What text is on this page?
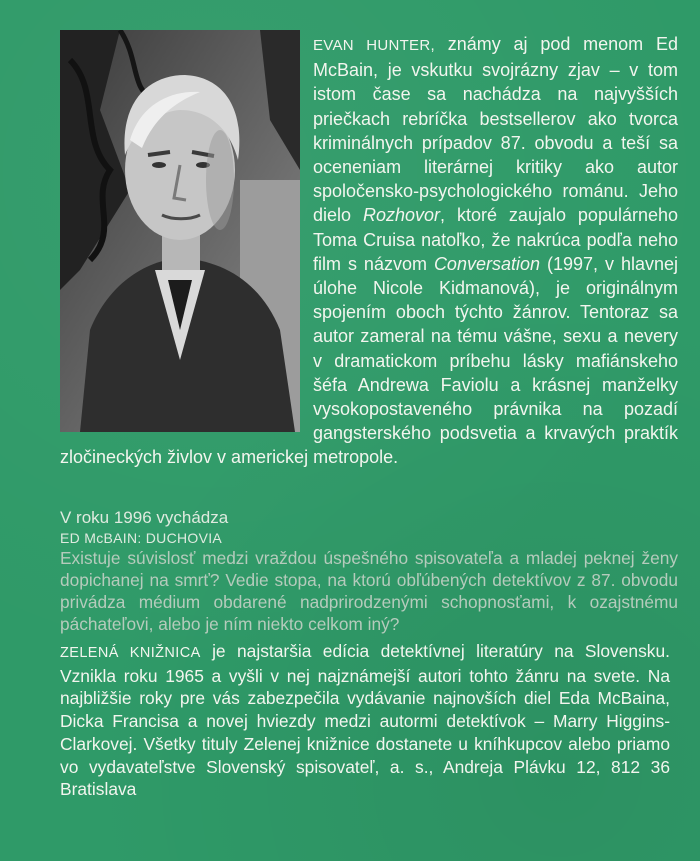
EVAN HUNTER, známy aj pod menom Ed McBain, je vskutku svojrázny zjav – v tom istom čase sa nachádza na najvyšších priečkach rebríčka bestsellerov ako tvorca kriminálnych prípadov 87. obvodu a teší sa oceneniam literárnej kritiky ako autor spoločensko-psychologického románu. Jeho dielo Rozhovor, ktoré zaujalo populárneho Toma Cruisa natoľko, že nakrúca podľa neho film s názvom Conversation (1997, v hlavnej úlohe Nicole Kidmanová), je originálnym spojením oboch týchto žánrov. Tentoraz sa autor zameral na tému vášne, sexu a nevery v dramatickom príbehu lásky mafiánskeho šéfa Andrewa Faviolu a krásnej manželky vysokopostaveného právnika na pozadí gangsterského podsvetia a krvavých praktík zločineckých živlov v americkej metropole.

V roku 1996 vychádza
ED McBAIN: DUCHOVIA
Existuje súvislosť medzi vraždou úspešného spisovateľa a mladej peknej ženy dopichanej na smrť? Vedie stopa, na ktorú obľúbených detektívov z 87. obvodu privádza médium obdarené nadprirodzenými schopnosťami, k ozajstnému páchateľovi, alebo je ním niekto celkom iný?

ZELENÁ KNIŽNICA je najstaršia edícia detektívnej literatúry na Slovensku. Vznikla roku 1965 a vyšli v nej najznámejší autori tohto žánru na svete. Na najbližšie roky pre vás zabezpečila vydávanie najnovších diel Eda McBaina, Dicka Francisa a novej hviezdy medzi autormi detektívok – Marry Higgins-Clarkovej. Všetky tituly Zelenej knižnice dostanete u kníhkupcov alebo priamo vo vydavateľstve Slovenský spisovateľ, a. s., Andreja Plávku 12, 812 36 Bratislava
